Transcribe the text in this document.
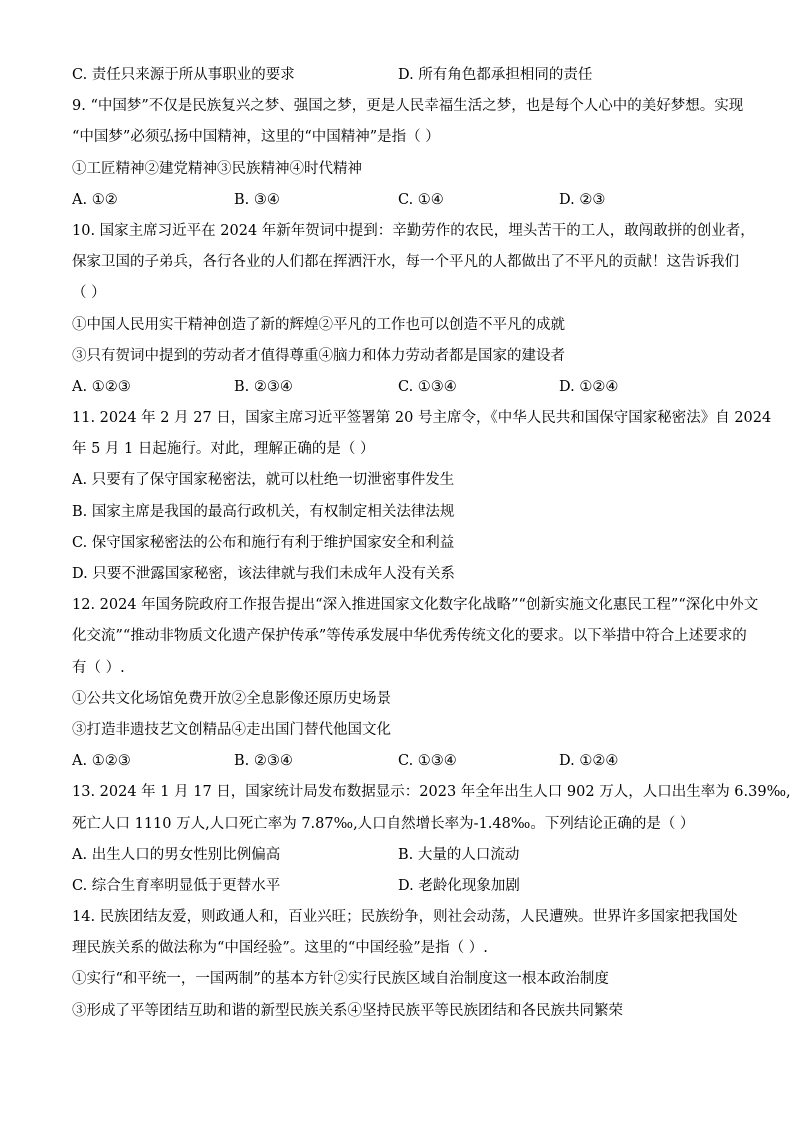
C. 责任只来源于所从事职业的要求	D. 所有角色都承担相同的责任
9. “中国梦”不仅是民族复兴之梦、强国之梦，更是人民幸福生活之梦，也是每个人心中的美好梦想。实现
“中国梦”必须弘扬中国精神，这里的“中国精神”是指（ ）
①工匠精神②建党精神③民族精神④时代精神
A. ①②	B. ③④	C. ①④	D. ②③
10. 国家主席习近平在 2024 年新年贺词中提到：辛勤劳作的农民，埋头苦干的工人，敢闯敢拼的创业者，
保家卫国的子弟兵，各行各业的人们都在挥洒汗水，每一个平凡的人都做出了不平凡的贡献！这告诉我们
（ ）
①中国人民用实干精神创造了新的辉煌②平凡的工作也可以创造不平凡的成就
③只有贺词中提到的劳动者才值得尊重④脑力和体力劳动者都是国家的建设者
A. ①②③	B. ②③④	C. ①③④	D. ①②④
11. 2024 年 2 月 27 日，国家主席习近平签署第 20 号主席令，《中华人民共和国保守国家秘密法》自 2024
年 5 月 1 日起施行。对此，理解正确的是（ ）
A. 只要有了保守国家秘密法，就可以杜绝一切泄密事件发生
B. 国家主席是我国的最高行政机关，有权制定相关法律法规
C. 保守国家秘密法的公布和施行有利于维护国家安全和利益
D. 只要不泄露国家秘密，该法律就与我们未成年人没有关系
12. 2024 年国务院政府工作报告提出“深入推进国家文化数字化战略”“创新实施文化惠民工程”“深化中外文
化交流”“推动非物质文化遗产保护传承”等传承发展中华优秀传统文化的要求。以下举措中符合上述要求的
有（ ）.
①公共文化场馆免费开放②全息影像还原历史场景
③打造非遗技艺文创精品④走出国门替代他国文化
A. ①②③	B. ②③④	C. ①③④	D. ①②④
13. 2024 年 1 月 17 日，国家统计局发布数据显示：2023 年全年出生人口 902 万人，人口出生率为 6.39‰,
死亡人口 1110 万人,人口死亡率为 7.87‰,人口自然增长率为-1.48‰。下列结论正确的是（ ）
A. 出生人口的男女性别比例偏高	B. 大量的人口流动
C. 综合生育率明显低于更替水平	D. 老龄化现象加剧
14. 民族团结友爱，则政通人和，百业兴旺；民族纷争，则社会动荡，人民遭殃。世界许多国家把我国处
理民族关系的做法称为“中国经验”。这里的“中国经验”是指（ ）.
①实行“和平统一，一国两制”的基本方针②实行民族区域自治制度这一根本政治制度
③形成了平等团结互助和谐的新型民族关系④坚持民族平等民族团结和各民族共同繁荣
